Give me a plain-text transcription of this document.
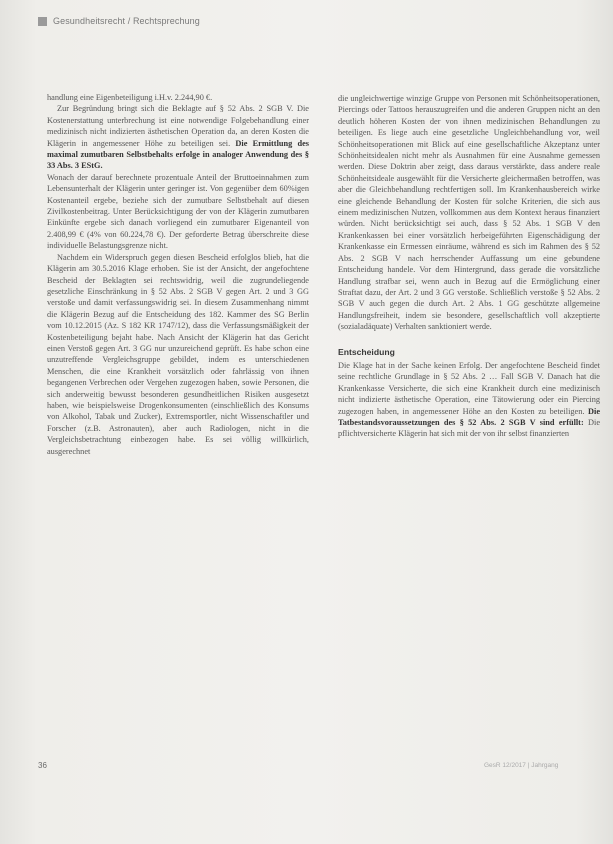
Gesundheitsrecht / Rechtsprechung

handlung eine Eigenbeteiligung i.H.v. 2.244,90 €.

Zur Begründung bringt sich die Beklagte auf § 52 Abs. 2 SGB V. Die Kostenerstattung unterbrechung ist eine notwendige Folgebehandlung einer medizinisch nicht indizierten ästhetischen Operation da, an deren Kosten die Klägerin in angemessener Höhe zu beteiligen sei. Die Ermittlung des maximal zumutbaren Selbstbehalts erfolge in analoger Anwendung des § 33 Abs. 3 EStG.

Wonach der darauf berechnete prozentuale Anteil der Bruttoeinnahmen zum Lebensunterhalt der Klägerin unter geringer ist. Von gegenüber dem 60%igen Kostenanteil ergebe, beziehe sich der zumutbare Selbstbehalt auf diesen Zivilkostenbeitrag. Unter Berücksichtigung der von der Klägerin zumutbaren Einkünfte ergebe sich danach vorliegend ein zumutbarer Eigenanteil von 2.408,99 € (4% von 60.224,78 €). Der geforderte Betrag überschreite diese individuelle Belastungsgrenze nicht.

Nachdem ein Widerspruch gegen diesen Bescheid erfolglos blieb, hat die Klägerin am 30.5.2016 Klage erhoben. Sie ist der Ansicht, der angefochtene Bescheid der Beklagten sei rechtswidrig, weil die zugrundeliegende gesetzliche Einschränkung in § 52 Abs. 2 SGB V gegen Art. 2 und 3 GG verstoße und damit verfassungswidrig sei. In diesem Zusammenhang nimmt die Klägerin Bezug auf die Entscheidung des 182. Kammer des SG Berlin vom 10.12.2015 (Az. S 182 KR 1747/12), dass die Verfassungsmäßigkeit der Kostenbeteiligung bejaht habe. Nach Ansicht der Klägerin hat das Gericht einen Verstoß gegen Art. 3 GG nur unzureichend geprüft. Es habe schon eine unzutreffende Vergleichsgruppe gebildet, indem es unterschiedenen Menschen, die eine Krankheit vorsätzlich oder fahrlässig von ihnen begangenen Verbrechen oder Vergehen zugezogen haben, sowie Personen, die sich anderweitig bewusst besonderen gesundheitlichen Risiken ausgesetzt haben, wie beispielsweise Drogenkonsumenten (einschließlich des Konsums von Alkohol, Tabak und Zucker), Extremsportler, nicht Wissenschaftler und Forscher (z.B. Astronauten), aber auch Radiologen, nicht in die Vergleichsbetrachtung einbezogen habe. Es sei völlig willkürlich, ausgerechnet

die ungleichwertige winzige Gruppe von Personen mit Schönheitsoperationen, Piercings oder Tattoos herauszugreifen und die anderen Gruppen nicht an den deutlich höheren Kosten der von ihnen medizinischen Behandlungen zu beteiligen. Es liege auch eine gesetzliche Ungleichbehandlung vor, weil Schönheitsoperationen mit Blick auf eine gesellschaftliche Akzeptanz unter Schönheitsidealen nicht mehr als Ausnahmen für eine Ausnahme gemessen werden. Diese Doktrin aber zeigt, dass daraus verstärkte, dass andere reale Schönheitsideale ausgewählt für die Versicherte gleichermaßen betroffen, was aber die Gleichbehandlung rechtfertigen soll. Im Krankenhausbereich wirke eine gleichende Behandlung der Kosten für solche Kriterien, die sich aus einem medizinischen Nutzen, vollkommen aus dem Kontext heraus finanziert würden. Nicht berücksichtigt sei auch, dass § 52 Abs. 1 SGB V den Krankenkassen bei einer vorsätzlich herbeigeführten Eigenschädigung der Krankenkasse ein Ermessen einräume, während es sich im Rahmen des § 52 Abs. 2 SGB V nach herrschender Auffassung um eine gebundene Entscheidung handele. Vor dem Hintergrund, dass gerade die vorsätzliche Handlung strafbar sei, wenn auch in Bezug auf die Ermöglichung einer Straftat dazu, der Art. 2 und 3 GG verstoße. Schließlich verstoße § 52 Abs. 2 SGB V auch gegen die durch Art. 2 Abs. 1 GG geschützte allgemeine Handlungsfreiheit, indem sie besondere, gesellschaftlich voll akzeptierte (sozialadäquate) Verhalten sanktioniert werde.

Entscheidung

Die Klage hat in der Sache keinen Erfolg. Der angefochtene Bescheid findet seine rechtliche Grundlage in § 52 Abs. 2 … Fall SGB V. Danach hat die Krankenkasse Versicherte, die sich eine Krankheit durch eine medizinisch nicht indizierte ästhetische Operation, eine Tätowierung oder ein Piercing zugezogen haben, in angemessener Höhe an den Kosten zu beteiligen. Die Tatbestandsvoraussetzungen des § 52 Abs. 2 SGB V sind erfüllt: Die pflichtversicherte Klägerin hat sich mit der von ihr selbst finanzierten

36	GesR 12/2017 | Jahrgang
